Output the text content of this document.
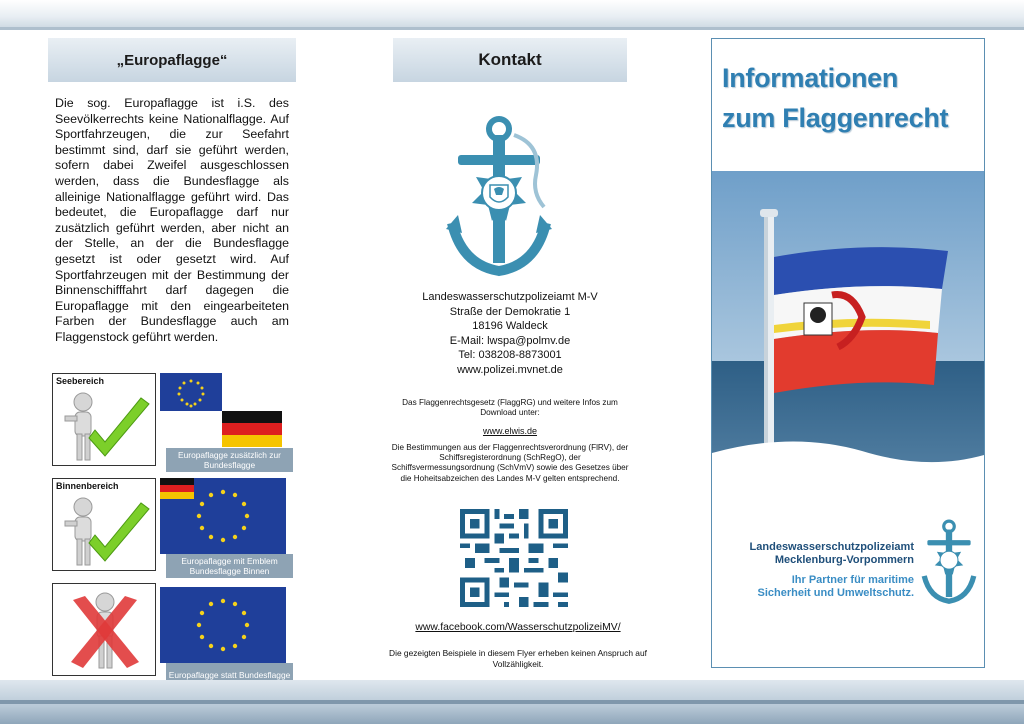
„Europaflagge“
Die sog. Europaflagge ist i.S. des Seevölkerrechts keine Nationalflagge. Auf Sportfahrzeugen, die zur Seefahrt bestimmt sind, darf sie geführt werden, sofern dabei Zweifel ausgeschlossen werden, dass die Bundesflagge als alleinige Nationalflagge geführt wird. Das bedeutet, die Europaflagge darf nur zusätzlich geführt werden, aber nicht an der Stelle, an der die Bundesflagge gesetzt ist oder gesetzt wird. Auf Sportfahrzeugen mit der Bestimmung der Binnenschifffahrt darf dagegen die Europaflagge mit den eingearbeiteten Farben der Bundesflagge auch am Flaggenstock geführt werden.
Seebereich
Europaflagge zusätzlich zur Bundesflagge
Binnenbereich
Europaflagge mit Emblem Bundesflagge Binnen
Europaflagge statt Bundesflagge
Kontakt
Landeswasserschutzpolizeiamt M-V
Straße der Demokratie 1
18196 Waldeck
E-Mail: lwspa@polmv.de
Tel: 038208-8873001
www.polizei.mvnet.de
Das Flaggenrechtsgesetz (FlaggRG) und weitere Infos zum Download unter:
www.elwis.de
Die Bestimmungen aus der Flaggenrechtsverordnung (FlRV), der Schiffsregisterordnung (SchRegO), der Schiffsvermessungsordnung (SchVmV) sowie des Gesetzes über die Hoheitsabzeichen des Landes M-V gelten entsprechend.
www.facebook.com/WasserschutzpolizeiMV/
Die gezeigten Beispiele in diesem Flyer erheben keinen Anspruch auf Vollzähligkeit.
Informationen
zum Flaggenrecht
Landeswasserschutzpolizeiamt
Mecklenburg-Vorpommern
Ihr Partner für maritime
Sicherheit und Umweltschutz.
